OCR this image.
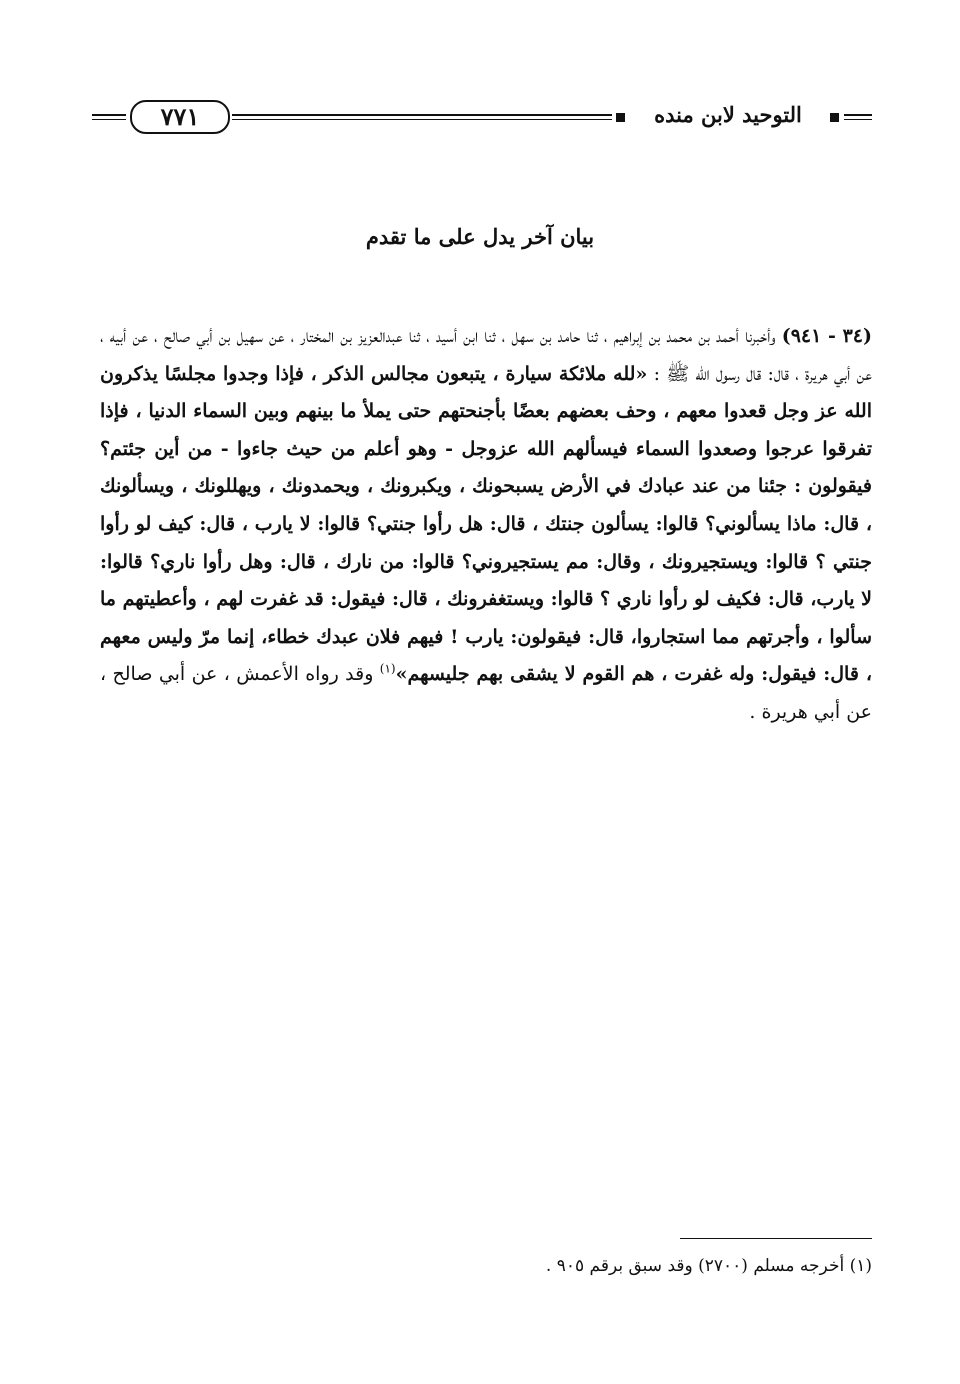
٧٧١	التوحيد لابن منده
بيان آخر يدل على ما تقدم
(٣٤ - ٩٤١) وأخبرنا أحمد بن محمد بن إبراهيم ، ثنا حامد بن سهل ، ثنا ابن أسيد ، ثنا عبدالعزيز بن المختار ، عن سهيل بن أبي صالح ، عن أبيه ، عن أبي هريرة ، قال: قال رسول الله ﷺ : «لله ملائكة سيارة ، يتبعون مجالس الذكر ، فإذا وجدوا مجلسًا يذكرون الله عز وجل قعدوا معهم ، وحف بعضهم بعضًا بأجنحتهم حتى يملأ ما بينهم وبين السماء الدنيا ، فإذا تفرقوا عرجوا وصعدوا السماء فيسألهم الله عزوجل - وهو أعلم من حيث جاءوا - من أين جئتم؟ فيقولون : جئنا من عند عبادك في الأرض يسبحونك ، ويكبرونك ، ويحمدونك ، ويهللونك ، ويسألونك ، قال: ماذا يسألوني؟ قالوا: يسألون جنتك ، قال: هل رأوا جنتي؟ قالوا: لا يارب ، قال: كيف لو رأوا جنتي ؟ قالوا: ويستجيرونك ، وقال: مم يستجيروني؟ قالوا: من نارك ، قال: وهل رأوا ناري؟ قالوا: لا يارب، قال: فكيف لو رأوا ناري ؟ قالوا: ويستغفرونك ، قال: فيقول: قد غفرت لهم ، وأعطيتهم ما سألوا ، وأجرتهم مما استجاروا، قال: فيقولون: يارب ! فيهم فلان عبدك خطاء، إنما مرّ وليس معهم ، قال: فيقول: وله غفرت ، هم القوم لا يشقى بهم جليسهم»$^{(١)}$ وقد رواه الأعمش ، عن أبي صالح ، عن أبي هريرة .
(١) أخرجه مسلم (٢٧٠٠) وقد سبق برقم ٩٠٥ .
